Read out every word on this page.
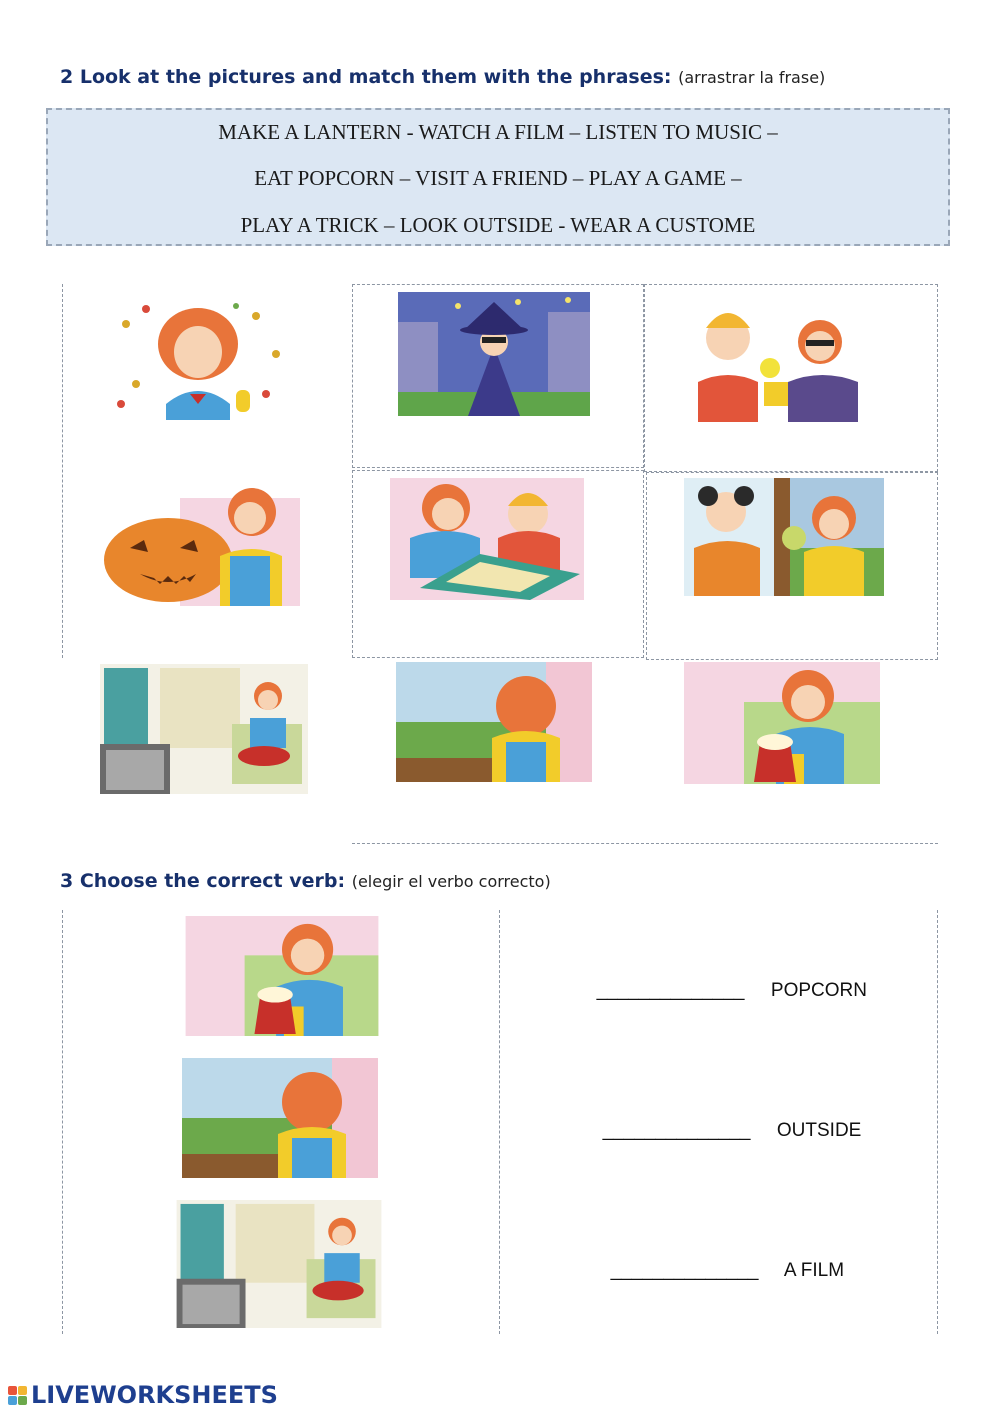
2 Look at the pictures and match them with the phrases: (arrastrar la frase)
MAKE A LANTERN - WATCH A FILM – LISTEN TO MUSIC –
EAT POPCORN – VISIT A FRIEND – PLAY A GAME –
PLAY A TRICK – LOOK OUTSIDE - WEAR A CUSTOME
3 Choose the correct verb: (elegir el verbo correcto)

______________ POPCORN

______________ OUTSIDE

______________ A FILM

LIVEWORKSHEETS
